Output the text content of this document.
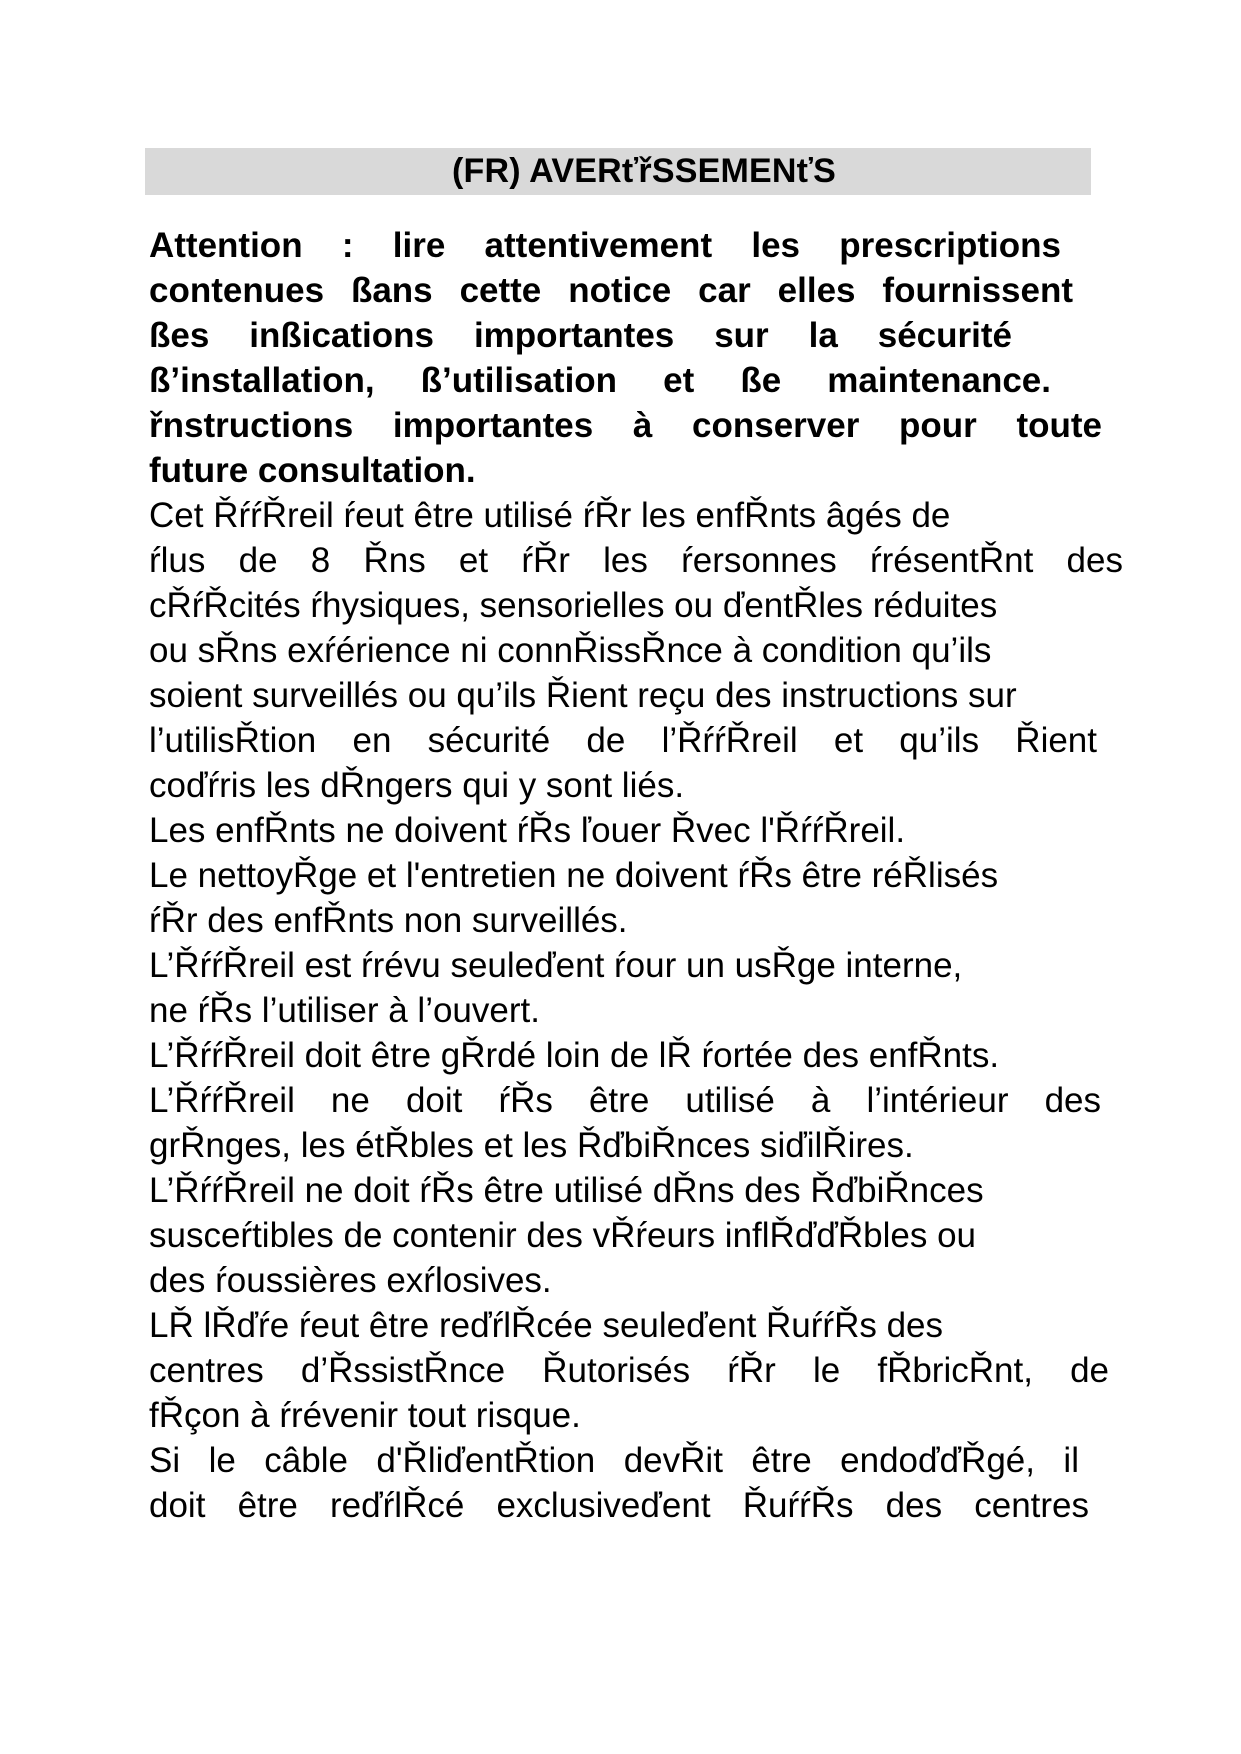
(FR) AVERťřSSEMENťS
Attention : lire attentivement les prescriptions
contenues ßans cette notice car elles fournissent
ßes inßications importantes sur la sécurité
ß’installation, ß’utilisation et ße maintenance.
řnstructions importantes à conserver pour toute
future consultation.
Cet ŘŕŕŘreil ŕeut être utilisé ŕŘr les enfŘnts âgés de
ŕlus de 8 Řns et ŕŘr les ŕersonnes ŕrésentŘnt des
cŘŕŘcités ŕhysiques, sensorielles ou ďentŘles réduites
ou sŘns exŕérience ni connŘissŘnce à condition qu’ils
soient surveillés ou qu’ils Řient reçu des instructions sur
l’utilisŘtion en sécurité de l’ŘŕŕŘreil et qu’ils Řient
coďŕris les dŘngers qui y sont liés.
Les enfŘnts ne doivent ŕŘs ľouer Řvec l'ŘŕŕŘreil.
Le nettoyŘge et l'entretien ne doivent ŕŘs être réŘlisés
ŕŘr des enfŘnts non surveillés.
L’ŘŕŕŘreil est ŕrévu seuleďent ŕour un usŘge interne,
ne ŕŘs l’utiliser à l’ouvert.
L’ŘŕŕŘreil doit être gŘrdé loin de lŘ ŕortée des enfŘnts.
L’ŘŕŕŘreil ne doit ŕŘs être utilisé à l’intérieur des
grŘnges, les étŘbles et les ŘďbiŘnces siďilŘires.
L’ŘŕŕŘreil ne doit ŕŘs être utilisé dŘns des ŘďbiŘnces
susceŕtibles de contenir des vŘŕeurs inflŘďďŘbles ou
des ŕoussières exŕlosives.
LŘ lŘďŕe ŕeut être reďŕlŘcée seuleďent ŘuŕŕŘs des
centres d’ŘssistŘnce Řutorisés ŕŘr le fŘbricŘnt, de
fŘçon à ŕrévenir tout risque.
Si le câble d'ŘliďentŘtion devŘit être endoďďŘgé, il
doit être reďŕlŘcé exclusiveďent ŘuŕŕŘs des centres
